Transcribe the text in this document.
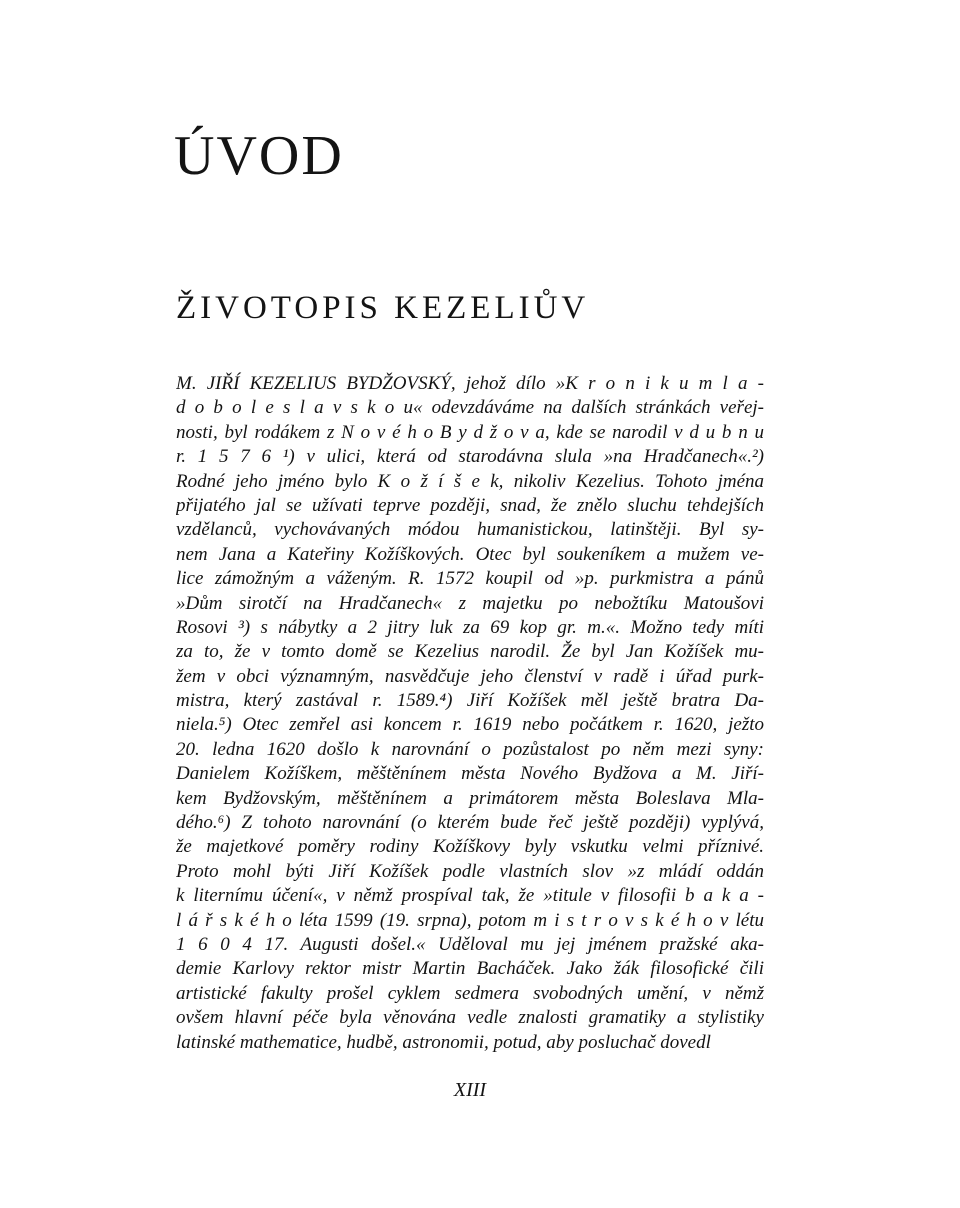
ÚVOD
ŽIVOTOPIS KEZELIŮV
M. JIŘÍ KEZELIUS BYDŽOVSKÝ, jehož dílo »K r o n i k u m l a -
d o b o l e s l a v s k o u« odevzdáváme na dalších stránkách veřej-
nosti, byl rodákem z N o v é h o B y d ž o v a, kde se narodil v d u b n u
r. 1 5 7 6 ¹) v ulici, která od starodávna slula »na Hradčanech«.²)
Rodné jeho jméno bylo K o ž í š e k, nikoliv Kezelius. Tohoto jména
přijatého jal se užívati teprve později, snad, že znělo sluchu tehdejších
vzdělanců, vychovávaných módou humanistickou, latinštěji. Byl sy-
nem Jana a Kateřiny Kožíškových. Otec byl soukeníkem a mužem ve-
lice zámožným a váženým. R. 1572 koupil od »p. purkmistra a pánů
»Dům sirotčí na Hradčanech« z majetku po nebožtíku Matoušovi
Rosovi ³) s nábytky a 2 jitry luk za 69 kop gr. m.«. Možno tedy míti
za to, že v tomto domě se Kezelius narodil. Že byl Jan Kožíšek mu-
žem v obci významným, nasvědčuje jeho členství v radě i úřad purk-
mistra, který zastával r. 1589.⁴) Jiří Kožíšek měl ještě bratra Da-
niela.⁵) Otec zemřel asi koncem r. 1619 nebo počátkem r. 1620, ježto
20. ledna 1620 došlo k narovnání o pozůstalost po něm mezi syny:
Danielem Kožíškem, měštěnínem města Nového Bydžova a M. Jiří-
kem Bydžovským, měštěnínem a primátorem města Boleslava Mla-
dého.⁶) Z tohoto narovnání (o kterém bude řeč ještě později) vyplývá,
že majetkové poměry rodiny Kožíškovy byly vskutku velmi příznivé.
Proto mohl býti Jiří Kožíšek podle vlastních slov »z mládí oddán
k liternímu účení«, v němž prospíval tak, že »titule v filosofii b a k a -
l á ř s k é h o léta 1599 (19. srpna), potom m i s t r o v s k é h o v létu
1 6 0 4 17. Augusti došel.« Uděloval mu jej jménem pražské aka-
demie Karlovy rektor mistr Martin Bacháček. Jako žák filosofické čili
artistické fakulty prošel cyklem sedmera svobodných umění, v němž
ovšem hlavní péče byla věnována vedle znalosti gramatiky a stylistiky
latinské mathematice, hudbě, astronomii, potud, aby posluchač dovedl
XIII
